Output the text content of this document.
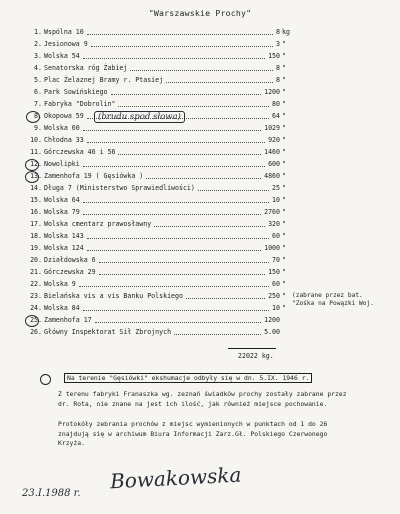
"Warszawskie Prochy"
1. Wspólna 10	8 kg
2. Jesionowa 9	3 "
3. Wolska 54	150 "
4. Senatorska róg Żabiej	8 "
5. Plac Żelaznej Bramy r. Ptasiej	8 "
6. Park Sowińskiego	1200 "
7. Fabryka "Dobrolin"	80 "
8. Okopowa 59	64 "
9. Wolska 60	1029 "
10. Chłodna 33	920 "
11. Górczewska 46 i 56	1460 "
12. Nowolipki	600 "
13. Zamenhofa 19 ( Gęsiówka )	4860 "
14. Długa 7 (Ministerstwo Sprawiedliwości)	25 "
15. Wolska 64	10 "
16. Wolska 79	2760 "
17. Wolska cmentarz prawosławny	320 "
18. Wolska 143	60 "
19. Wolska 124	1000 "
20. Działdowska 6	70 "
21. Górczewska 29	150 "
22. Wolska 9	60 "
23. Bielańska vis a vis Banku Polskiego	250 "
24. Wolska 84	10 "
25. Zamenhofa 17	1200
26. Główny Inspektorat Sił Zbrojnych	5.00
(brudu spod słowa)
(zabrane przez bat.
"Zośka na Powązki Woj.
22022 kg.
Na terenie "Gęsiówki" ekshumacje odbyły się w dn. 5.IX. 1946 r.
Z terenu fabryki Franaszka wg. zeznań świadków prochy zostały zabrane przez dr. Rota, nie znane na jest ich ilość, jak również miejsce pochowanie.
Protokóły zebrania prochów z miejsc wymienionych w punktach od 1 do 26 znajdują się w archiwum Biura Informacji Zarz.Gł. Polskiego Czerwonego Krzyża.
23.I.1988 r.
Bowakowska
